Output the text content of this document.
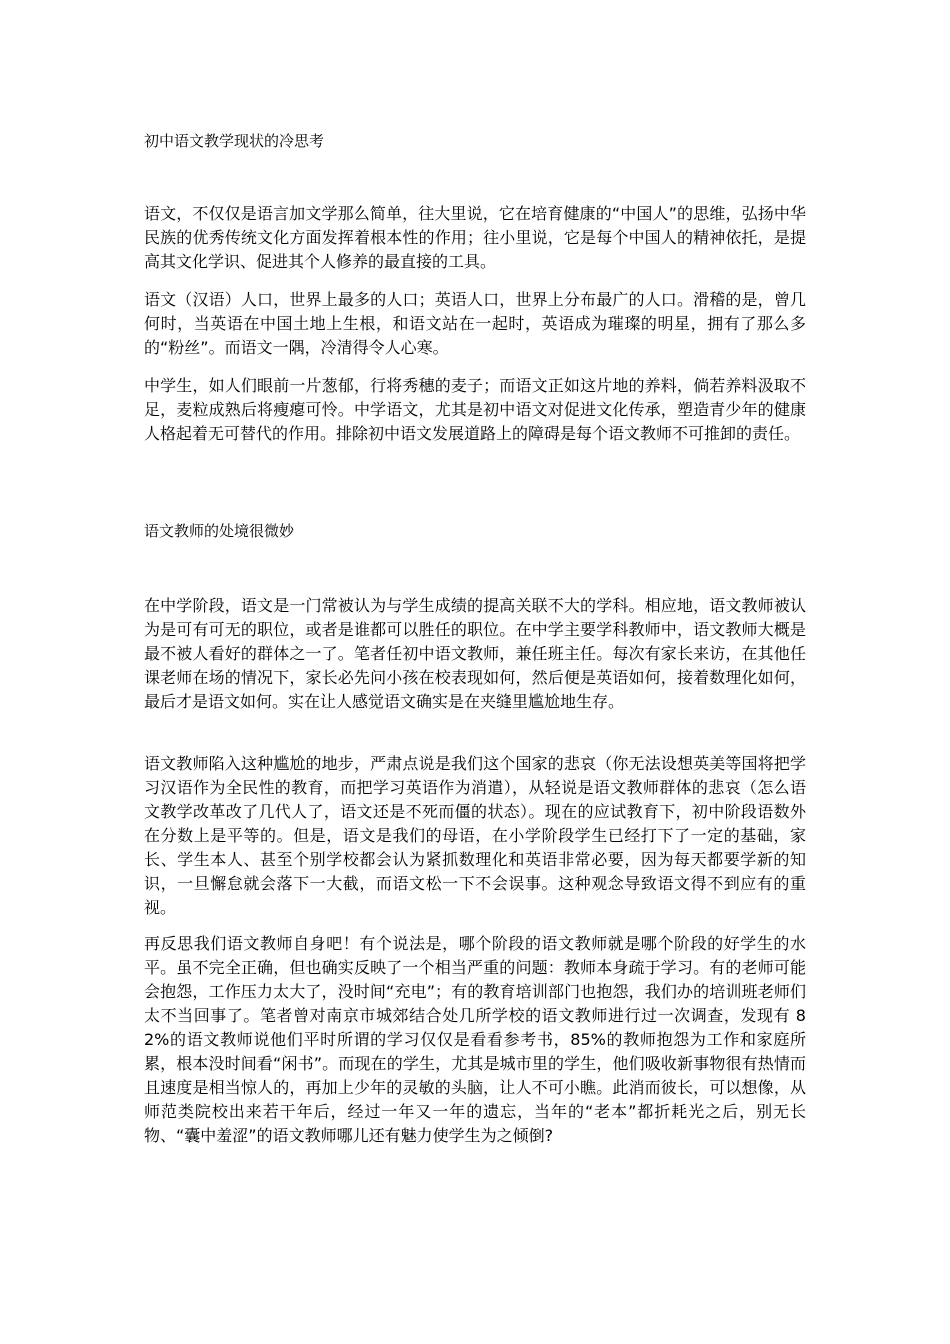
初中语文教学现状的冷思考

语文，不仅仅是语言加文学那么简单，往大里说，它在培育健康的“中国人”的思维，弘扬中华民族的优秀传统文化方面发挥着根本性的作用；往小里说，它是每个中国人的精神依托，是提高其文化学识、促进其个人修养的最直接的工具。

语文（汉语）人口，世界上最多的人口；英语人口，世界上分布最广的人口。滑稽的是，曾几何时，当英语在中国土地上生根，和语文站在一起时，英语成为璀璨的明星，拥有了那么多的“粉丝”。而语文一隅，冷清得令人心寒。

中学生，如人们眼前一片葱郁，行将秀穗的麦子；而语文正如这片地的养料，倘若养料汲取不足，麦粒成熟后将瘦瘪可怜。中学语文，尤其是初中语文对促进文化传承，塑造青少年的健康人格起着无可替代的作用。排除初中语文发展道路上的障碍是每个语文教师不可推卸的责任。

语文教师的处境很微妙

在中学阶段，语文是一门常被认为与学生成绩的提高关联不大的学科。相应地，语文教师被认为是可有可无的职位，或者是谁都可以胜任的职位。在中学主要学科教师中，语文教师大概是最不被人看好的群体之一了。笔者任初中语文教师，兼任班主任。每次有家长来访，在其他任课老师在场的情况下，家长必先问小孩在校表现如何，然后便是英语如何，接着数理化如何，最后才是语文如何。实在让人感觉语文确实是在夹缝里尴尬地生存。

语文教师陷入这种尴尬的地步，严肃点说是我们这个国家的悲哀（你无法设想英美等国将把学习汉语作为全民性的教育，而把学习英语作为消遣），从轻说是语文教师群体的悲哀（怎么语文教学改革改了几代人了，语文还是不死而僵的状态）。现在的应试教育下，初中阶段语数外在分数上是平等的。但是，语文是我们的母语，在小学阶段学生已经打下了一定的基础，家长、学生本人、甚至个别学校都会认为紧抓数理化和英语非常必要，因为每天都要学新的知识，一旦懈怠就会落下一大截，而语文松一下不会误事。这种观念导致语文得不到应有的重视。

再反思我们语文教师自身吧！有个说法是，哪个阶段的语文教师就是哪个阶段的好学生的水平。虽不完全正确，但也确实反映了一个相当严重的问题：教师本身疏于学习。有的老师可能会抱怨，工作压力太大了，没时间“充电”；有的教育培训部门也抱怨，我们办的培训班老师们太不当回事了。笔者曾对南京市城郊结合处几所学校的语文教师进行过一次调查，发现有 82%的语文教师说他们平时所谓的学习仅仅是看看参考书，85%的教师抱怨为工作和家庭所累，根本没时间看“闲书”。而现在的学生，尤其是城市里的学生，他们吸收新事物很有热情而且速度是相当惊人的，再加上少年的灵敏的头脑，让人不可小瞧。此消而彼长，可以想像，从师范类院校出来若干年后，经过一年又一年的遗忘，当年的“老本”都折耗光之后，别无长物、“囊中羞涩”的语文教师哪儿还有魅力使学生为之倾倒?
